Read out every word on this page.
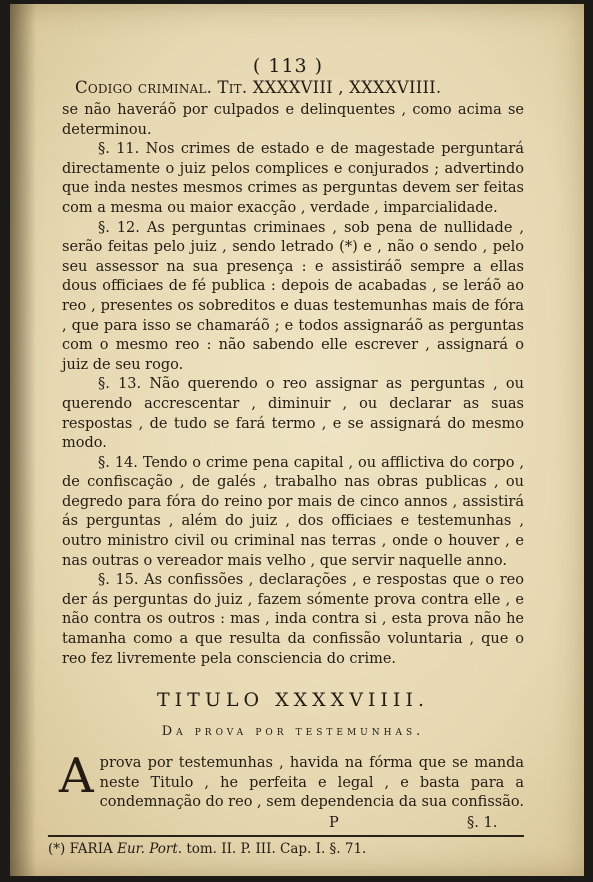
( 113 )
Codigo criminal. Tit. XXXXVIII , XXXXVIIII.

se não haveráõ por culpados e delinquentes , como acima se determinou.

§. 11. Nos crimes de estado e de magestade perguntará directamente o juiz pelos complices e conjurados ; advertindo que inda nestes mesmos crimes as perguntas devem ser feitas com a mesma ou maior exacção , verdade , imparcialidade.

§. 12. As perguntas criminaes , sob pena de nullidade , serão feitas pelo juiz , sendo letrado (*) e , não o sendo , pelo seu assessor na sua presença : e assistiráõ sempre a ellas dous officiaes de fé publica : depois de acabadas , se leráõ ao reo , presentes os sobreditos e duas testemunhas mais de fóra , que para isso se chamaráõ ; e todos assignaráõ as perguntas com o mesmo reo : não sabendo elle escrever , assignará o juiz de seu rogo.

§. 13. Não querendo o reo assignar as perguntas , ou querendo accrescentar , diminuir , ou declarar as suas respostas , de tudo se fará termo , e se assignará do mesmo modo.

§. 14. Tendo o crime pena capital , ou afflictiva do corpo , de confiscação , de galés , trabalho nas obras publicas , ou degredo para fóra do reino por mais de cinco annos , assistirá ás perguntas , além do juiz , dos officiaes e testemunhas , outro ministro civil ou criminal nas terras , onde o houver , e nas outras o vereador mais velho , que servir naquelle anno.

§. 15. As confissões , declarações , e respostas que o reo der ás perguntas do juiz , fazem sómente prova contra elle , e não contra os outros : mas , inda contra si , esta prova não he tamanha como a que resulta da confissão voluntaria , que o reo fez livremente pela consciencia do crime.

TITULO XXXXVIIII.
Da prova por testemunhas.
A prova por testemunhas , havida na fórma que se manda neste Titulo , he perfeita e legal , e basta para a condemnação do reo , sem dependencia da sua confissão.

P	§. 1.
(*) FARIA Eur. Port. tom. II. P. III. Cap. I. §. 71.
